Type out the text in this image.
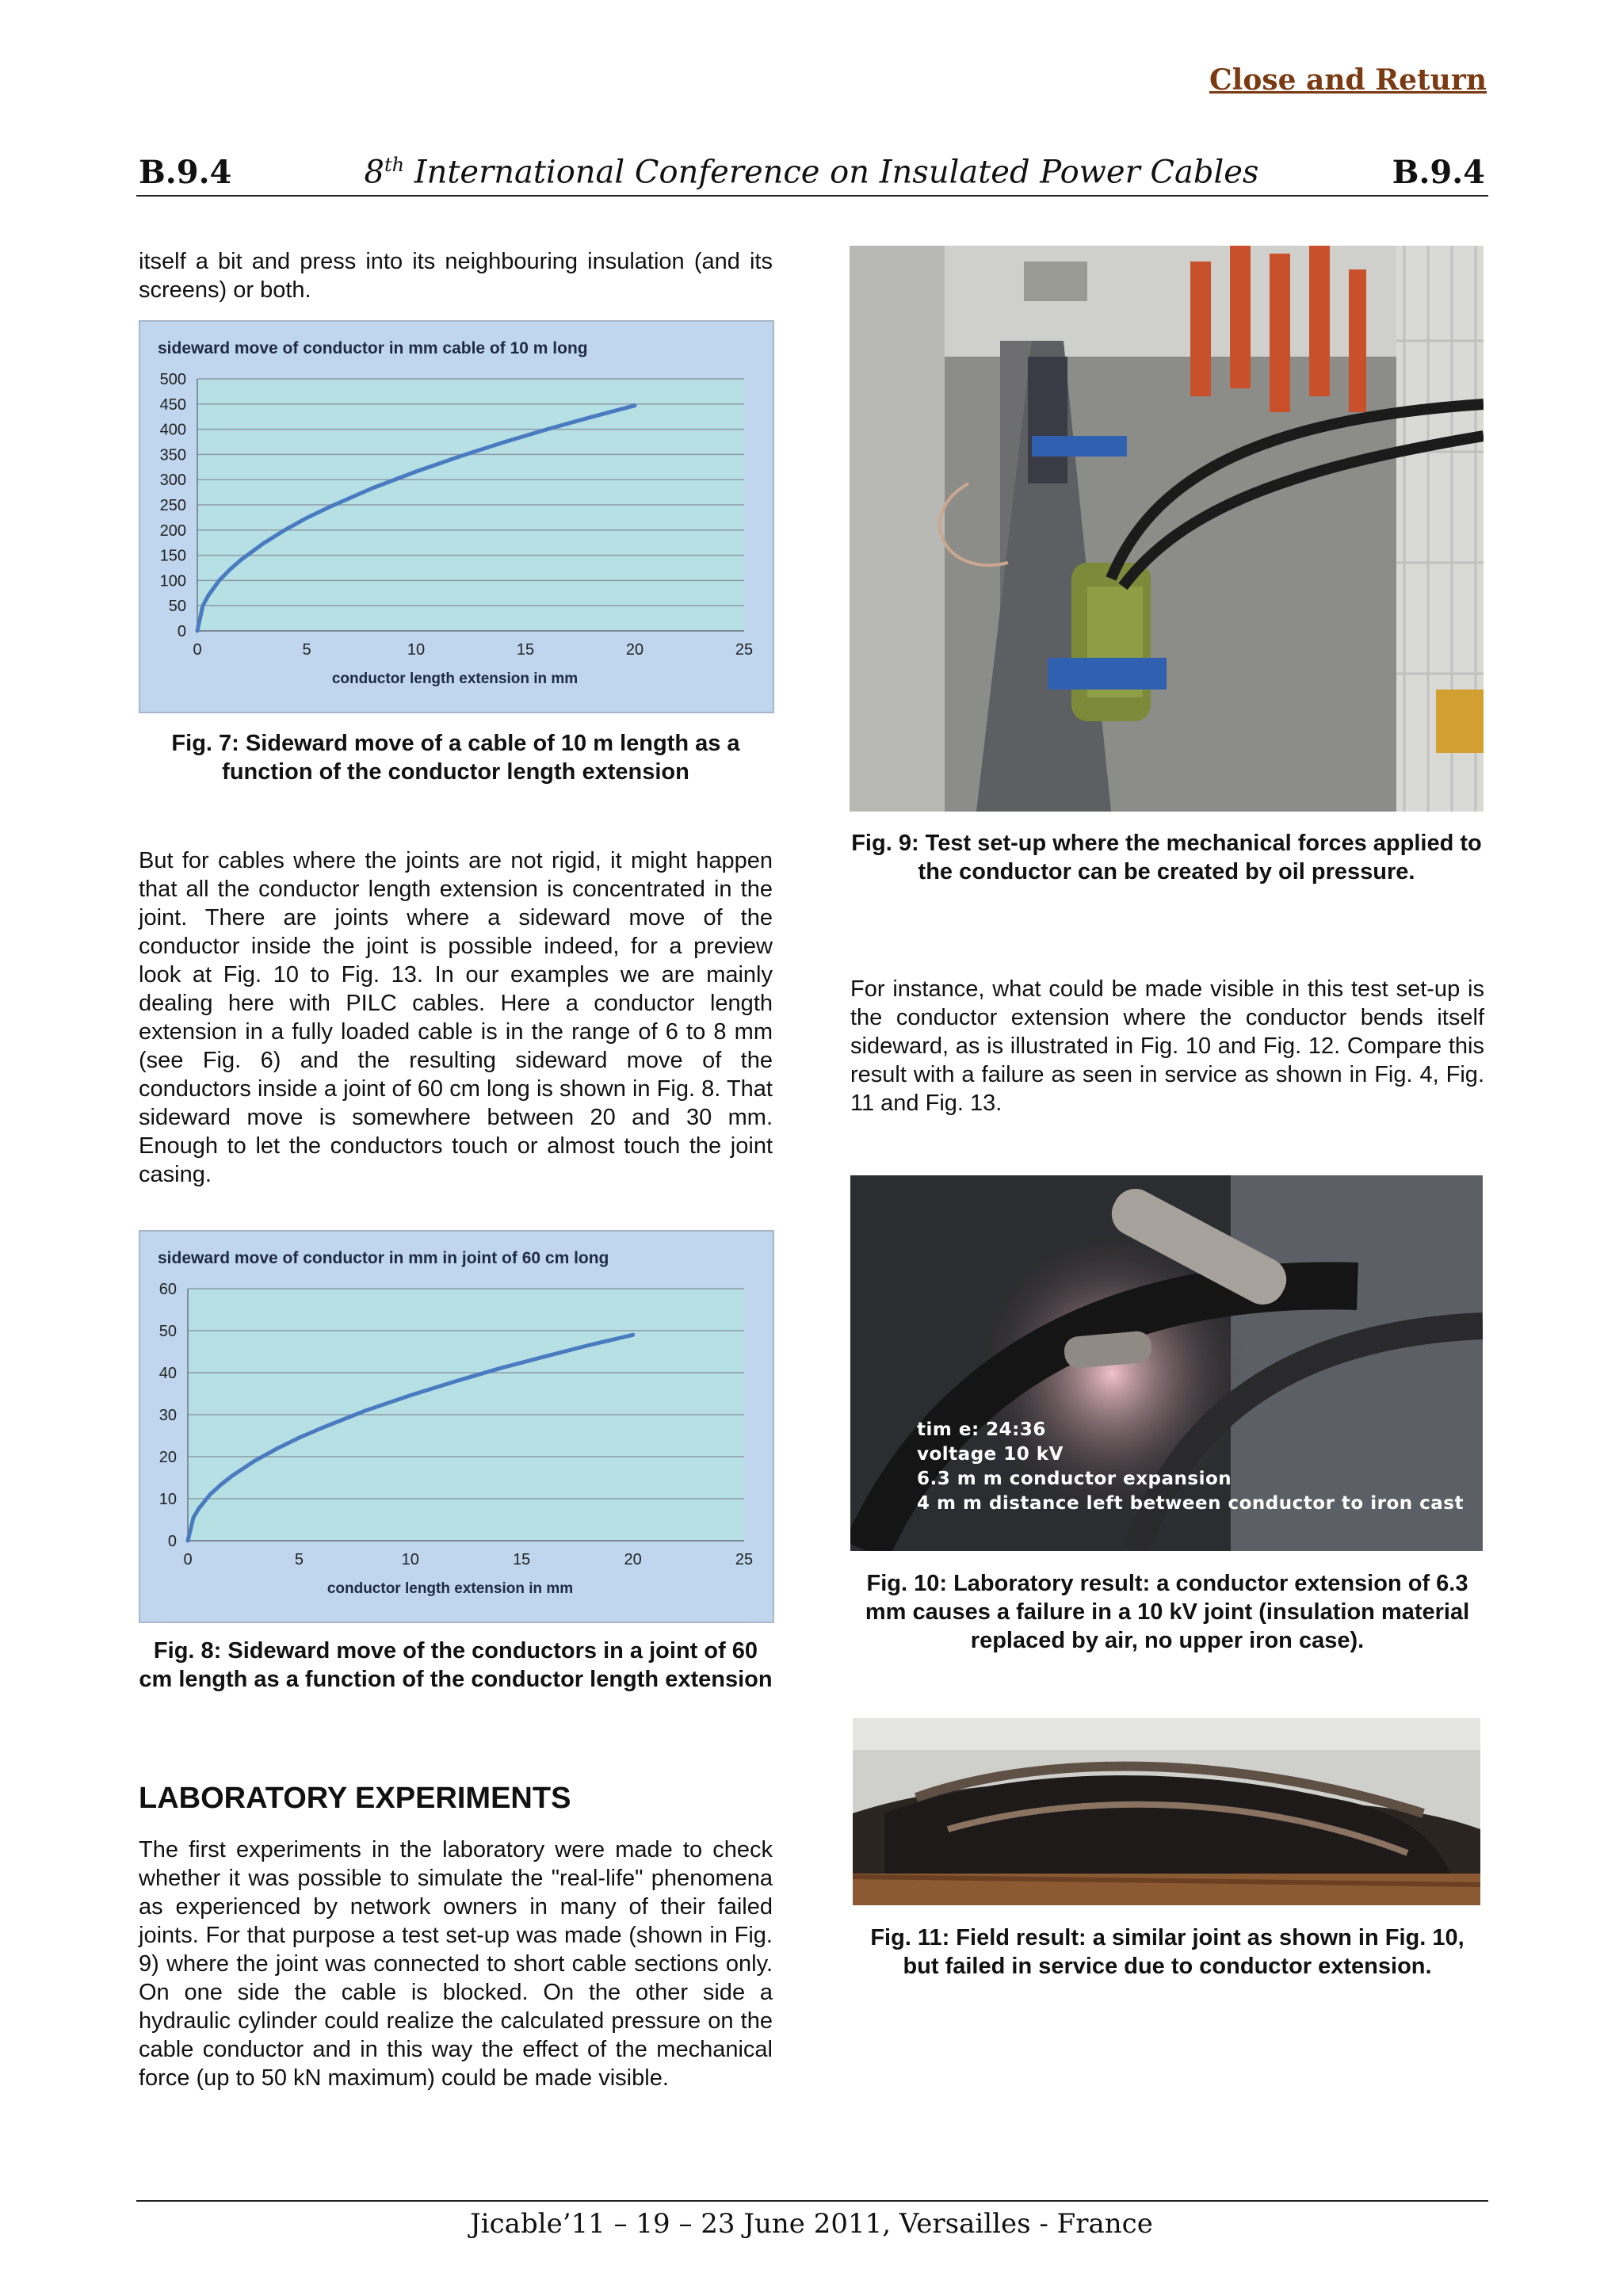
Close and Return
B.9.4	8th International Conference on Insulated Power Cables	B.9.4
itself a bit and press into its neighbouring insulation (and its screens) or both.
0
50
100
150
200
250
300
350
400
450
500
0	5	10	15	20	25
sideward move of conductor in mm cable of 10 m long
conductor length extension in mm
Fig. 7: Sideward move of a cable of 10 m length as a function of the conductor length extension
But for cables where the joints are not rigid, it might happen that all the conductor length extension is concentrated in the joint. There are joints where a sideward move of the conductor inside the joint is possible indeed, for a preview look at Fig. 10 to Fig. 13. In our examples we are mainly dealing here with PILC cables. Here a conductor length extension in a fully loaded cable is in the range of 6 to 8 mm (see Fig. 6) and the resulting sideward move of the conductors inside a joint of 60 cm long is shown in Fig. 8. That sideward move is somewhere between 20 and 30 mm. Enough to let the conductors touch or almost touch the joint casing.
0
10
20
30
40
50
60
0	5	10	15	20	25
sideward move of conductor in mm in joint of 60 cm long
conductor length extension in mm
Fig. 8: Sideward move of the conductors in a joint of 60 cm length as a function of the conductor length extension
LABORATORY EXPERIMENTS
The first experiments in the laboratory were made to check whether it was possible to simulate the "real-life" phenomena as experienced by network owners in many of their failed joints. For that purpose a test set-up was made (shown in Fig. 9) where the joint was connected to short cable sections only. On one side the cable is blocked. On the other side a hydraulic cylinder could realize the calculated pressure on the cable conductor and in this way the effect of the mechanical force (up to 50 kN maximum) could be made visible.
Fig. 9: Test set-up where the mechanical forces applied to the conductor can be created by oil pressure.
For instance, what could be made visible in this test set-up is the conductor extension where the conductor bends itself sideward, as is illustrated in Fig. 10 and Fig. 12. Compare this result with a failure as seen in service as shown in Fig. 4, Fig. 11 and Fig. 13.
tim e: 24:36
voltage 10 kV
6.3 m m conductor expansion
4 m m distance left between conductor to iron cast
Fig. 10: Laboratory result: a conductor extension of 6.3 mm causes a failure in a 10 kV joint (insulation material replaced by air, no upper iron case).
Fig. 11: Field result: a similar joint as shown in Fig. 10, but failed in service due to conductor extension.
Jicable’11 – 19 – 23 June 2011, Versailles - France
